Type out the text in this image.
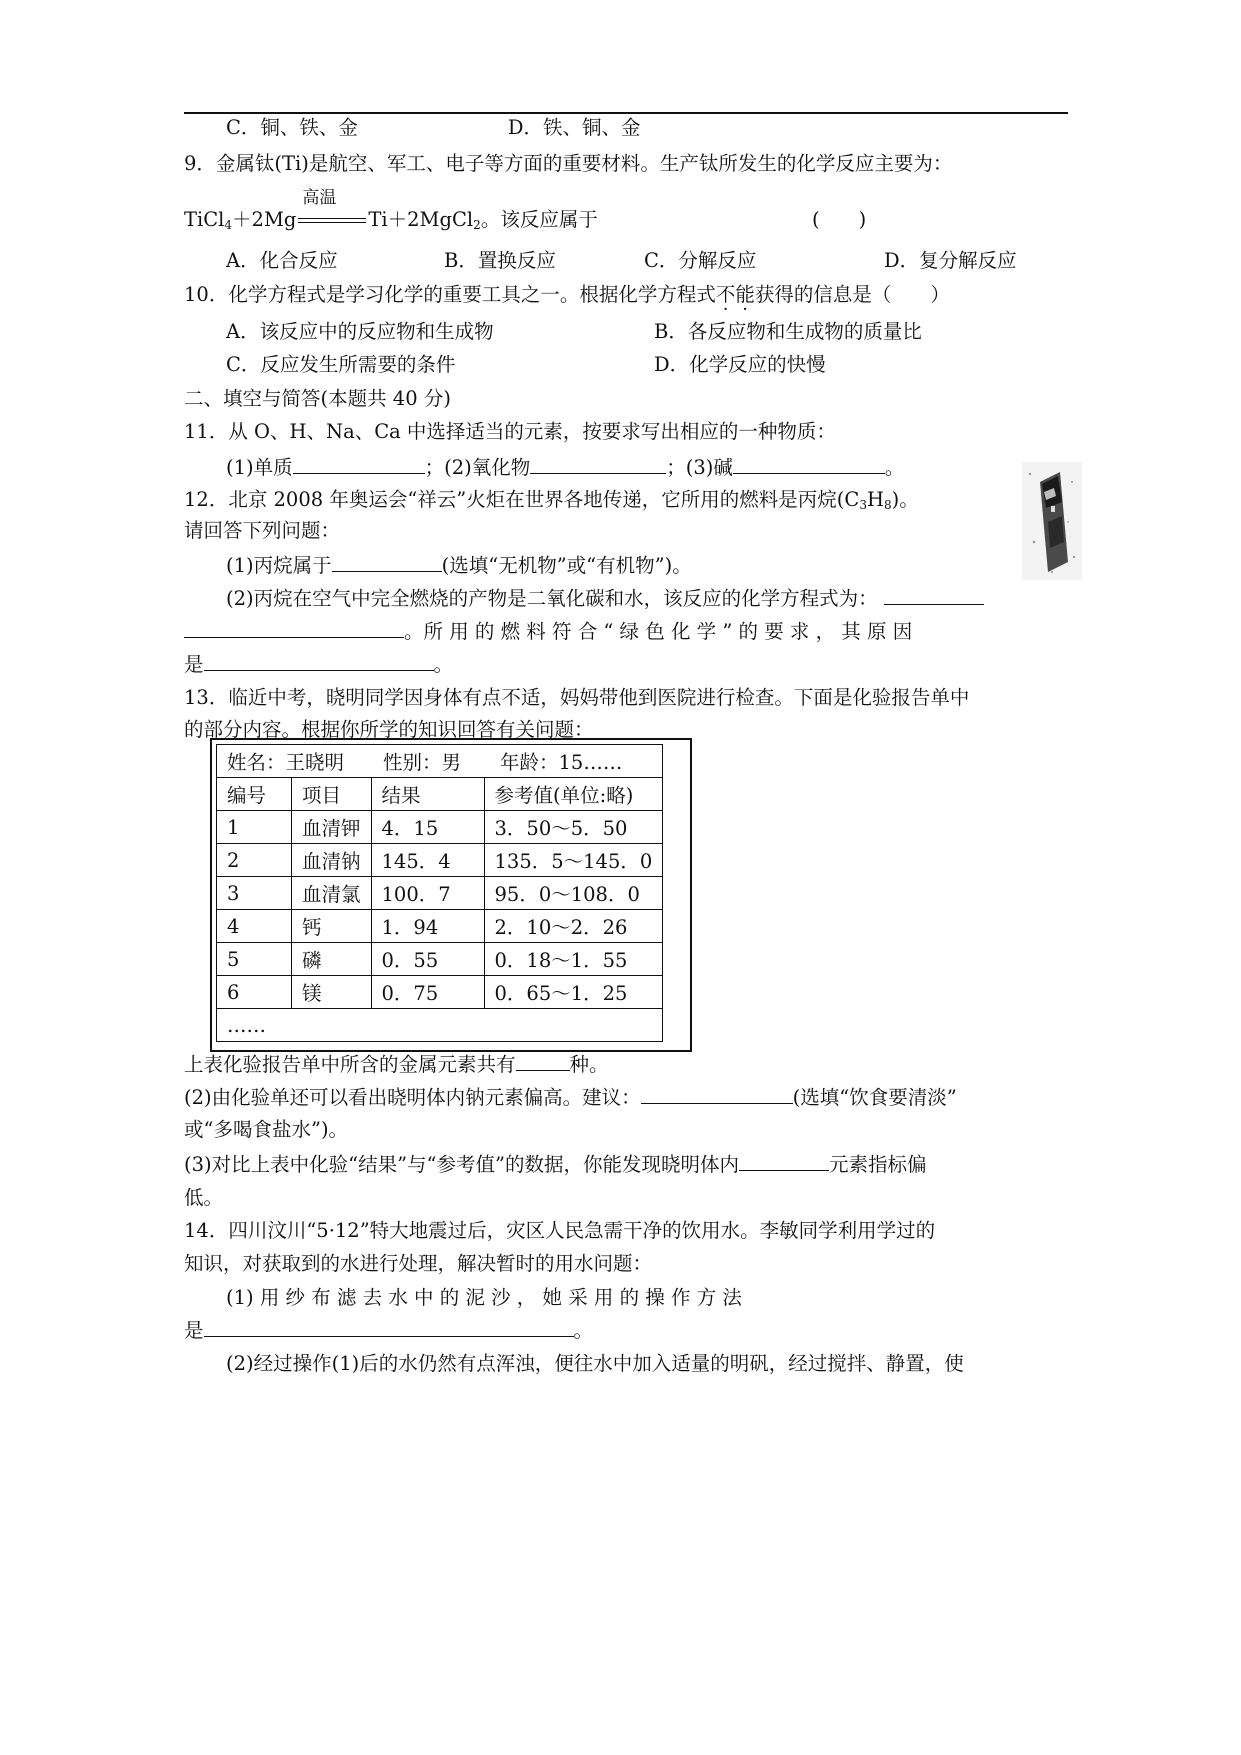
C．铜、铁、金	D．铁、铜、金
9．金属钛(Ti)是航空、军工、电子等方面的重要材料。生产钛所发生的化学反应主要为：
TiCl$_4$＋2Mg
高温
Ti＋2MgCl$_2$。该反应属于	(　　)
A．化合反应	B．置换反应	C．分解反应	D．复分解反应
10．化学方程式是学习化学的重要工具之一。根据化学方程式不能获得的信息是（　　）
A．该反应中的反应物和生成物	B．各反应物和生成物的质量比
C．反应发生所需要的条件	D．化学反应的快慢
二、填空与简答(本题共 40 分)
11．从 O、H、Na、Ca 中选择适当的元素，按要求写出相应的一种物质：
(1)单质	；(2)氧化物	；(3)碱	。
12．北京 2008 年奥运会“祥云”火炬在世界各地传递，它所用的燃料是丙烷$(C_3H_8)$。
请回答下列问题：
(1)丙烷属于	(选填“无机物”或“有机物”)。
(2)丙烷在空气中完全燃烧的产物是二氧化碳和水，该反应的化学方程式为：
。所 用 的 燃 料 符 合 “ 绿 色 化 学 ” 的 要 求 ， 其 原 因
是	。
13．临近中考，晓明同学因身体有点不适，妈妈带他到医院进行检查。下面是化验报告单中
的部分内容。根据你所学的知识回答有关问题：
姓名：王晓明　　性别：男　　年龄：15……			
编号	项目	结果	参考值(单位:略)
1	血清钾	4．15	3．50～5．50
2	血清钠	145．4	135．5～145．0
3	血清氯	100．7	95．0～108．0
4	钙	1．94	2．10～2．26
5	磷	0．55	0．18～1．55
6	镁	0．75	0．65～1．25
……			
上表化验报告单中所含的金属元素共有	种。
(2)由化验单还可以看出晓明体内钠元素偏高。建议：	(选填“饮食要清淡”
或“多喝食盐水”)。
(3)对比上表中化验“结果”与“参考值”的数据，你能发现晓明体内	元素指标偏
低。
14．四川汶川“5·12”特大地震过后，灾区人民急需干净的饮用水。李敏同学利用学过的
知识，对获取到的水进行处理，解决暂时的用水问题：
(1) 用 纱 布 滤 去 水 中 的 泥 沙 ， 她 采 用 的 操 作 方 法
是	。
(2)经过操作(1)后的水仍然有点浑浊，便往水中加入适量的明矾，经过搅拌、静置，使
